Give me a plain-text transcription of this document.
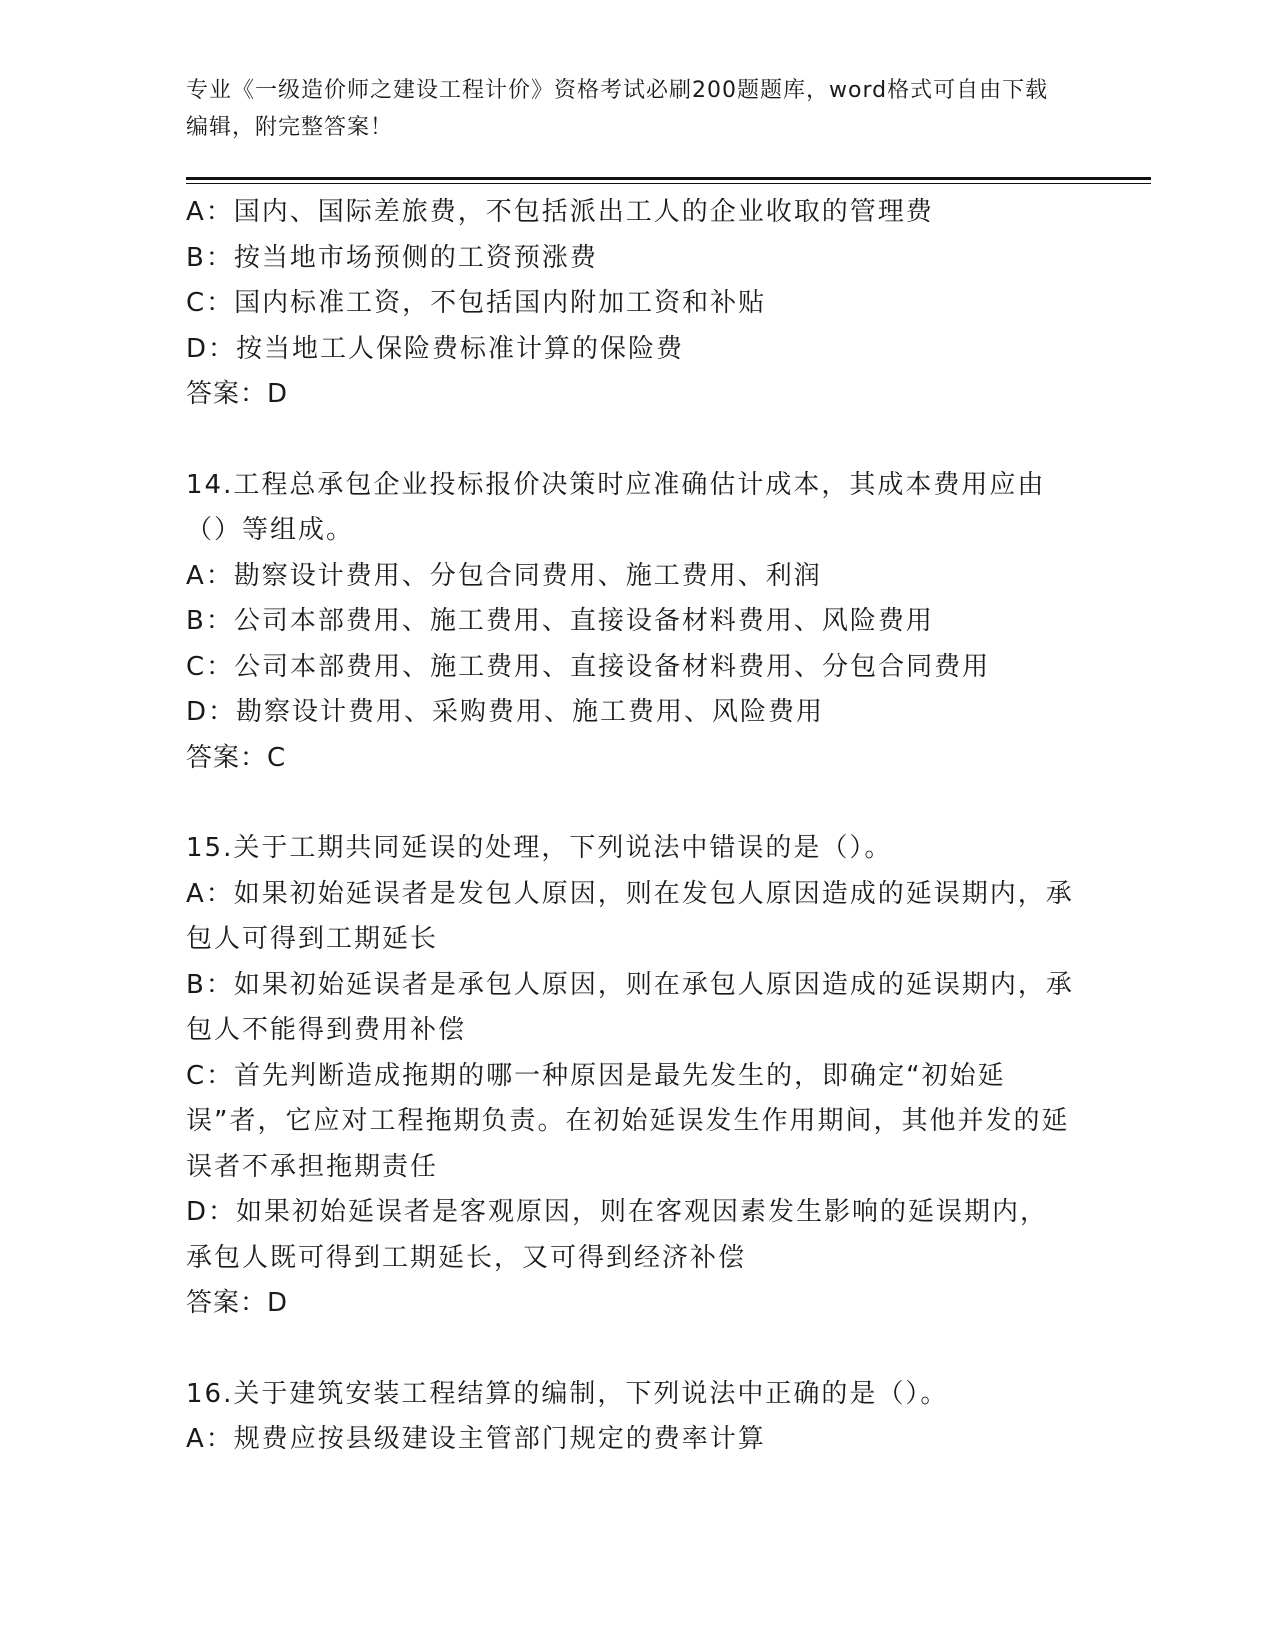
专业《一级造价师之建设工程计价》资格考试必刷200题题库，word格式可自由下载编辑，附完整答案！
A：国内、国际差旅费，不包括派出工人的企业收取的管理费
B：按当地市场预侧的工资预涨费
C：国内标准工资，不包括国内附加工资和补贴
D：按当地工人保险费标准计算的保险费
答案：D
14.工程总承包企业投标报价决策时应准确估计成本，其成本费用应由（）等组成。
A：勘察设计费用、分包合同费用、施工费用、利润
B：公司本部费用、施工费用、直接设备材料费用、风险费用
C：公司本部费用、施工费用、直接设备材料费用、分包合同费用
D：勘察设计费用、采购费用、施工费用、风险费用
答案：C
15.关于工期共同延误的处理，下列说法中错误的是（）。
A：如果初始延误者是发包人原因，则在发包人原因造成的延误期内，承包人可得到工期延长
B：如果初始延误者是承包人原因，则在承包人原因造成的延误期内，承包人不能得到费用补偿
C：首先判断造成拖期的哪一种原因是最先发生的，即确定“初始延误”者，它应对工程拖期负责。在初始延误发生作用期间，其他并发的延误者不承担拖期责任
D：如果初始延误者是客观原因，则在客观因素发生影响的延误期内，承包人既可得到工期延长，又可得到经济补偿
答案：D
16.关于建筑安装工程结算的编制，下列说法中正确的是（）。
A：规费应按县级建设主管部门规定的费率计算
